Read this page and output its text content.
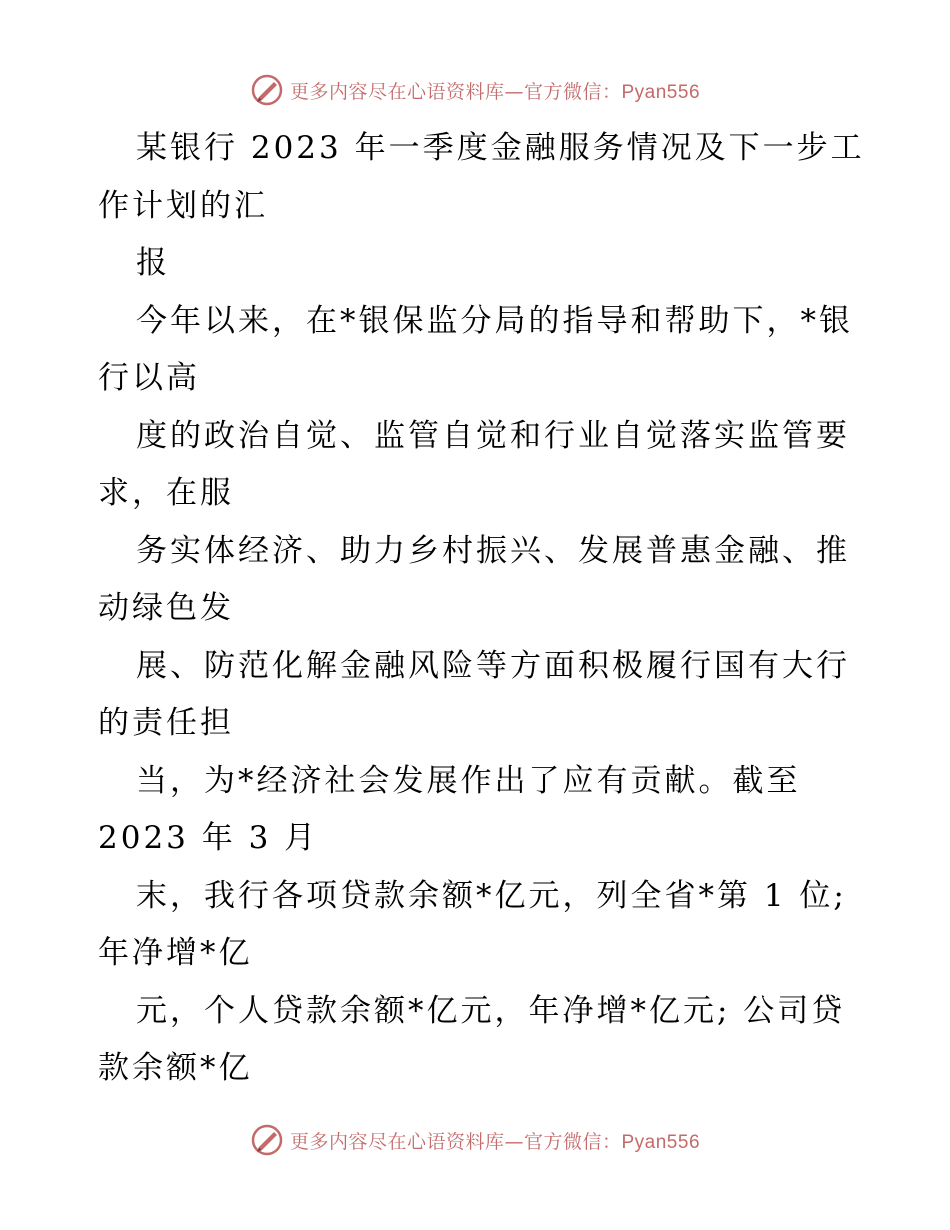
更多内容尽在心语资料库—官方微信：Pyan556
某银行 2023 年一季度金融服务情况及下一步工
作计划的汇
报
今年以来，在*银保监分局的指导和帮助下，*银
行以高
度的政治自觉、监管自觉和行业自觉落实监管要
求，在服
务实体经济、助力乡村振兴、发展普惠金融、推
动绿色发
展、防范化解金融风险等方面积极履行国有大行
的责任担
当，为*经济社会发展作出了应有贡献。截至
2023 年 3 月
末，我行各项贷款余额*亿元，列全省*第 1 位;
年净增*亿
元，个人贷款余额*亿元，年净增*亿元; 公司贷
款余额*亿
更多内容尽在心语资料库—官方微信：Pyan556
